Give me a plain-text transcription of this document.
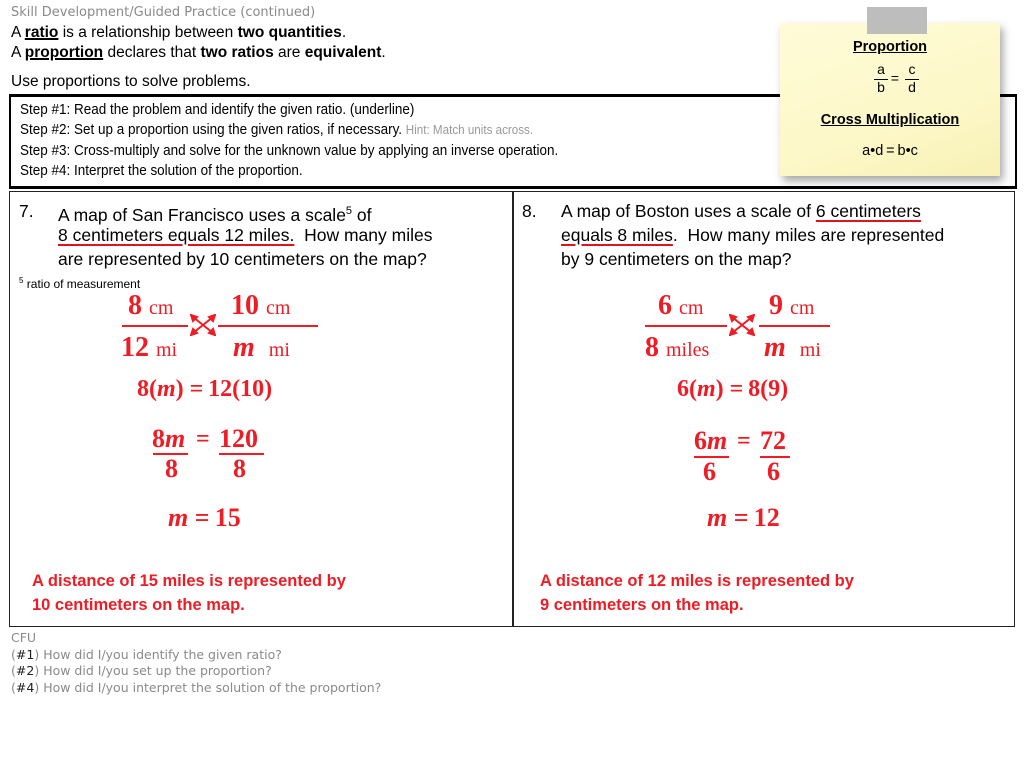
Skill Development/Guided Practice (continued)
A ratio is a relationship between two quantities.
A proportion declares that two ratios are equivalent.
Use proportions to solve problems.
Step #1: Read the problem and identify the given ratio. (underline)
Step #2: Set up a proportion using the given ratios, if necessary. Hint: Match units across.
Step #3: Cross-multiply and solve for the unknown value by applying an inverse operation.
Step #4: Interpret the solution of the proportion.
Proportion
a
b
=
c
d
Cross Multiplication
a•d = b•c
7. A map of San Francisco uses a scale$^5$ of
8 centimeters equals 12 miles.  How many miles
are represented by 10 centimeters on the map?
$^5$ ratio of measurement
8 cm
12 mi
10 cm
m mi
8(m) = 12(10)
8m
8
= 120
8
m = 15
A distance of 15 miles is represented by
10 centimeters on the map.
8. A map of Boston uses a scale of 6 centimeters
equals 8 miles.  How many miles are represented
by 9 centimeters on the map?
6 cm
8 miles
9 cm
m mi
6(m) = 8(9)
6m
6
= 72
6
m = 12
A distance of 12 miles is represented by
9 centimeters on the map.
CFU
(#1) How did I/you identify the given ratio?
(#2) How did I/you set up the proportion?
(#4) How did I/you interpret the solution of the proportion?
